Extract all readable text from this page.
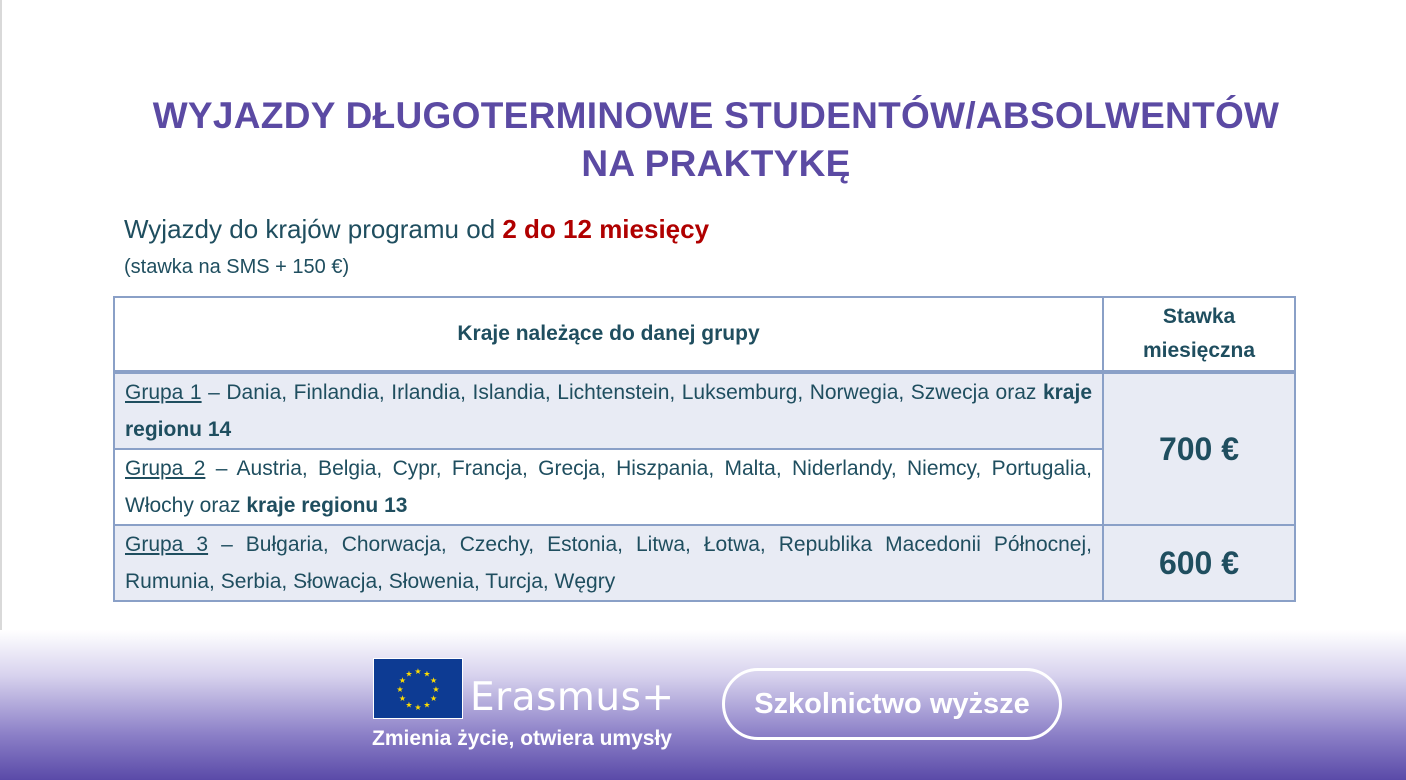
WYJAZDY DŁUGOTERMINOWE STUDENTÓW/ABSOLWENTÓW
NA PRAKTYKĘ
Wyjazdy do krajów programu od 2 do 12 miesięcy
(stawka na SMS + 150 €)
Kraje należące do danej grupy	Stawka miesięczna
Grupa 1 – Dania, Finlandia, Irlandia, Islandia, Lichtenstein, Luksemburg, Norwegia, Szwecja oraz kraje regionu 14	700 €
Grupa 2 – Austria, Belgia, Cypr, Francja, Grecja, Hiszpania, Malta, Niderlandy, Niemcy, Portugalia, Włochy oraz kraje regionu 13	
Grupa 3 – Bułgaria, Chorwacja, Czechy, Estonia, Litwa, Łotwa, Republika Macedonii Północnej, Rumunia, Serbia, Słowacja, Słowenia, Turcja, Węgry	600 €
★ ★
★
★
★
★
★
★
★
★
★
★
Erasmus+
Zmienia życie, otwiera umysły
Szkolnictwo wyższe
